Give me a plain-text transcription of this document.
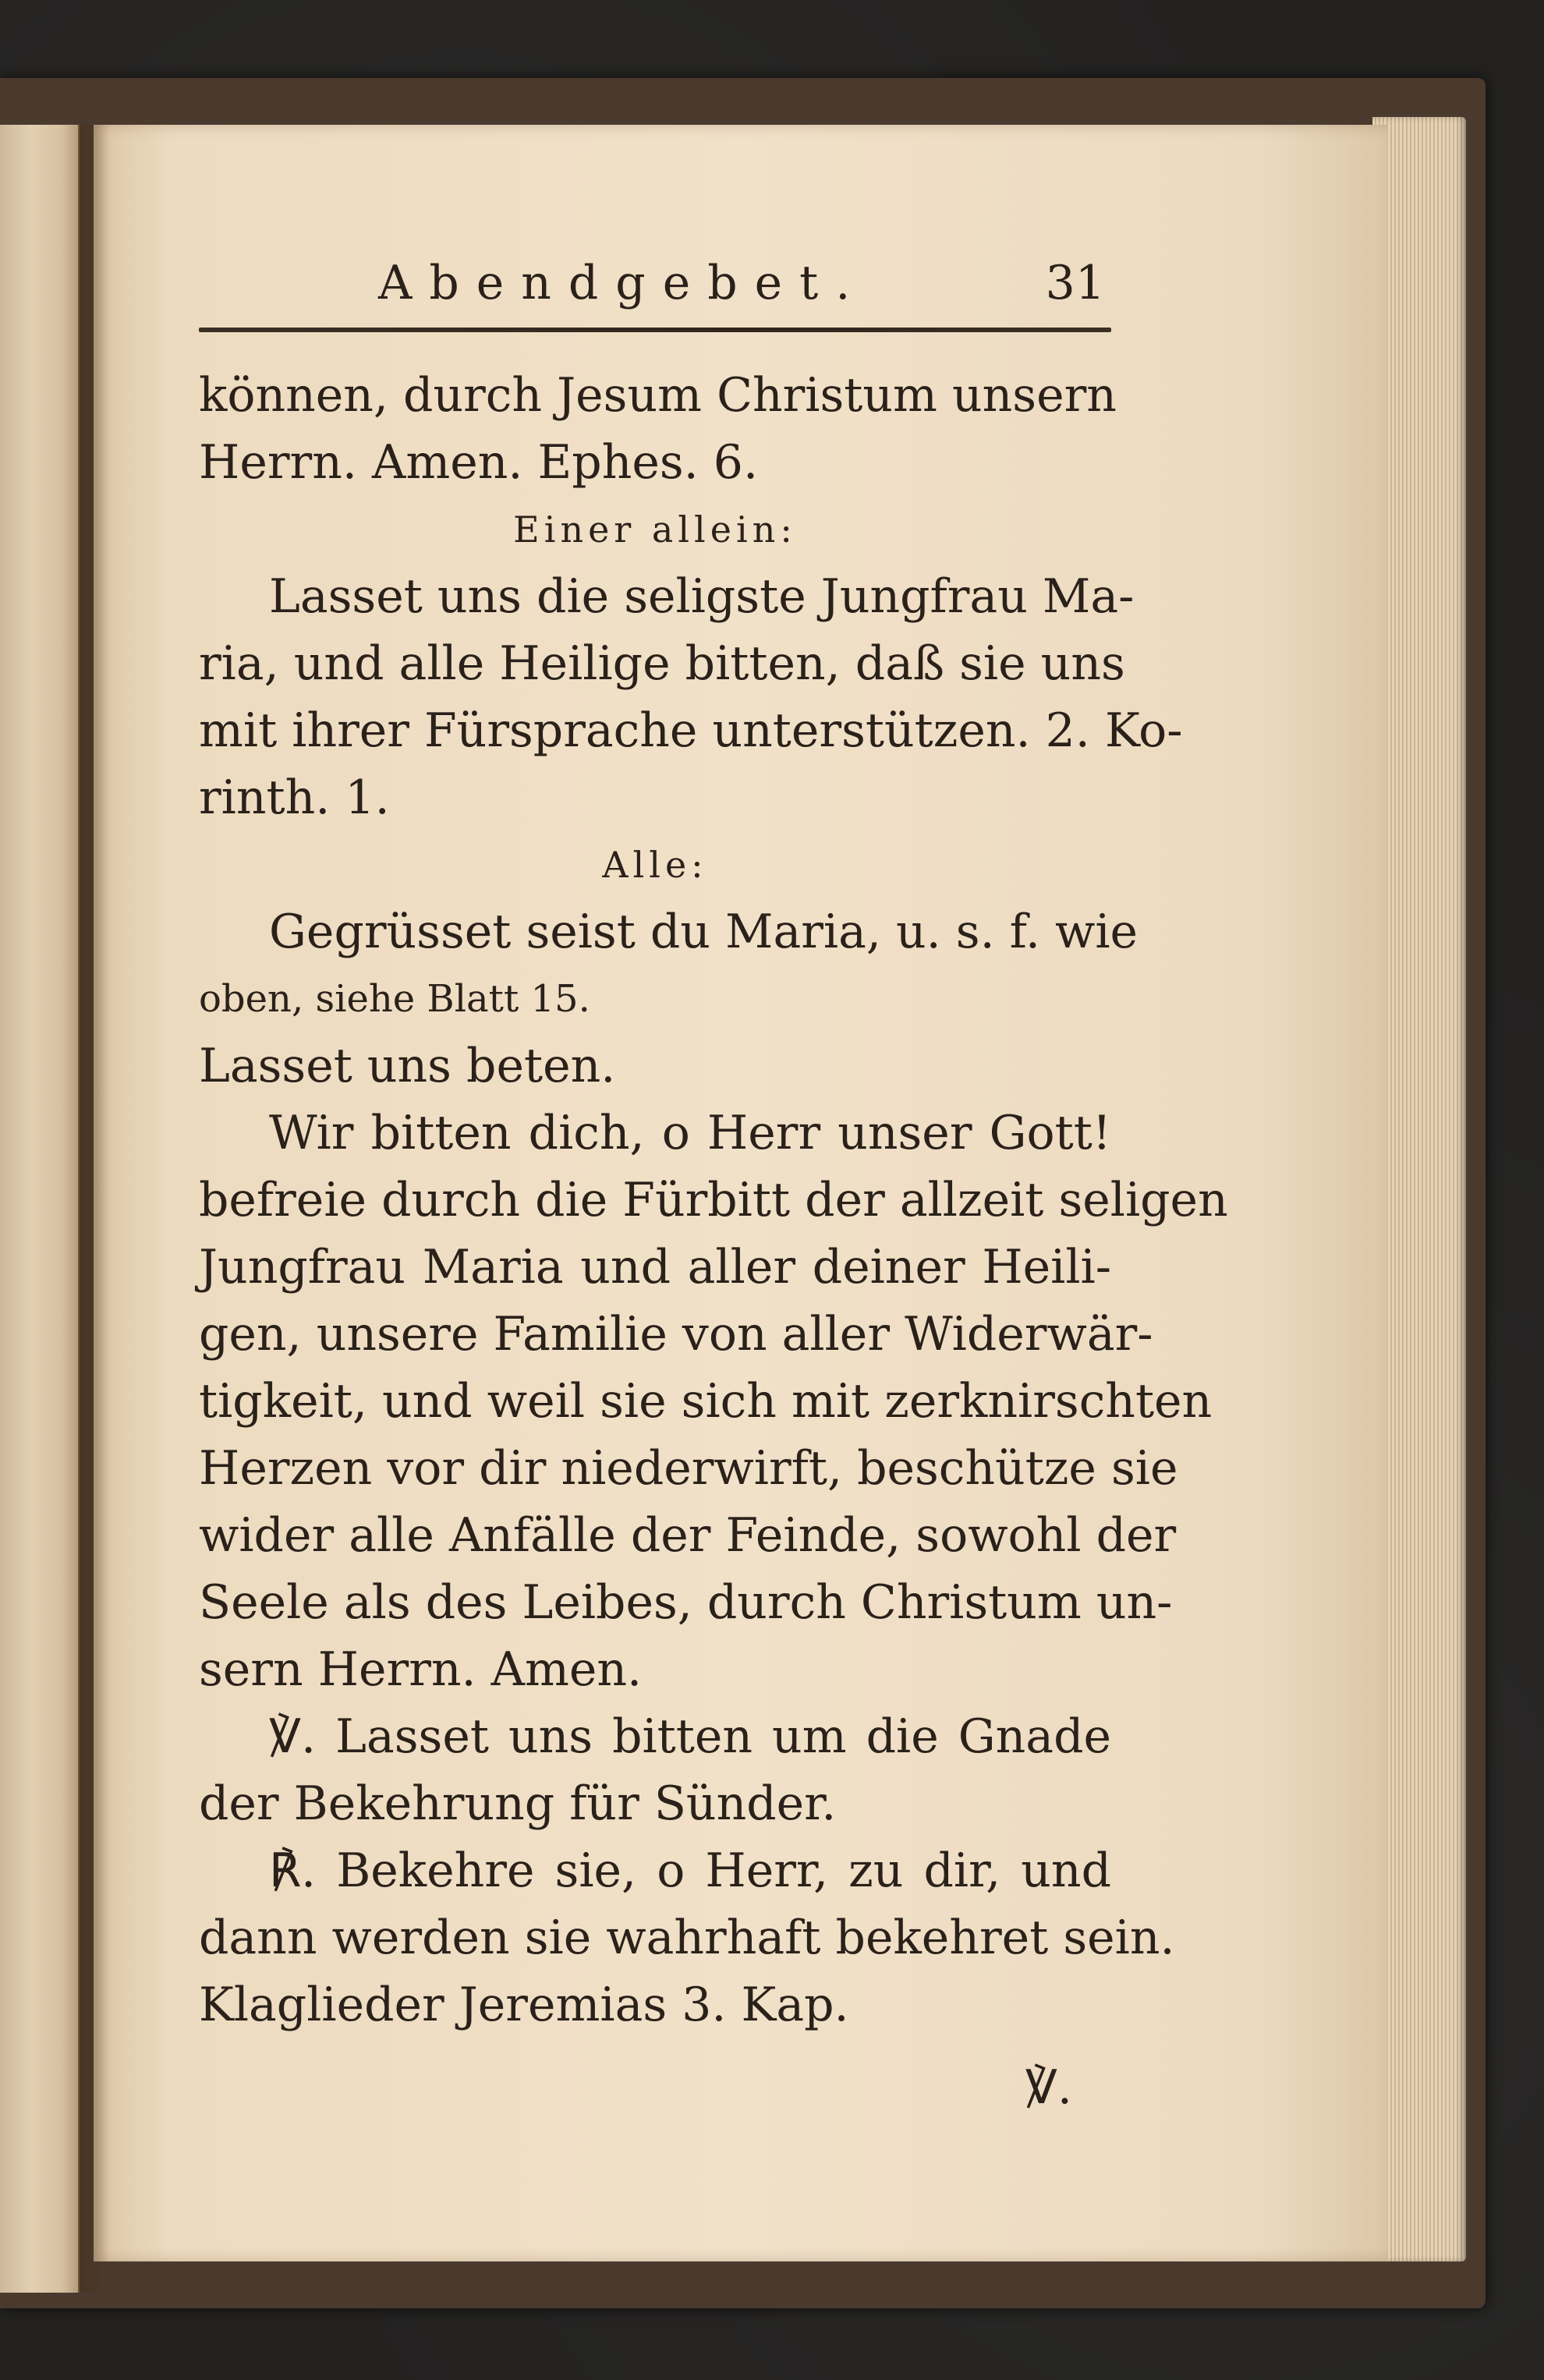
Abendgebet.	31
können, durch Jesum Christum unsern
Herrn. Amen. Ephes. 6.
Einer allein:
Lasset uns die seligste Jungfrau Ma-
ria, und alle Heilige bitten, daß sie uns
mit ihrer Fürsprache unterstützen. 2. Ko-
rinth. 1.
Alle:
Gegrüsset seist du Maria, u. s. f. wie
oben, siehe Blatt 15.
Lasset uns beten.
Wir bitten dich, o Herr unser Gott!
befreie durch die Fürbitt der allzeit seligen
Jungfrau Maria und aller deiner Heili-
gen, unsere Familie von aller Widerwär-
tigkeit, und weil sie sich mit zerknirschten
Herzen vor dir niederwirft, beschütze sie
wider alle Anfälle der Feinde, sowohl der
Seele als des Leibes, durch Christum un-
sern Herrn. Amen.
℣. Lasset uns bitten um die Gnade
der Bekehrung für Sünder.
℟. Bekehre sie, o Herr, zu dir, und
dann werden sie wahrhaft bekehret sein.
Klaglieder Jeremias 3. Kap.
℣.
